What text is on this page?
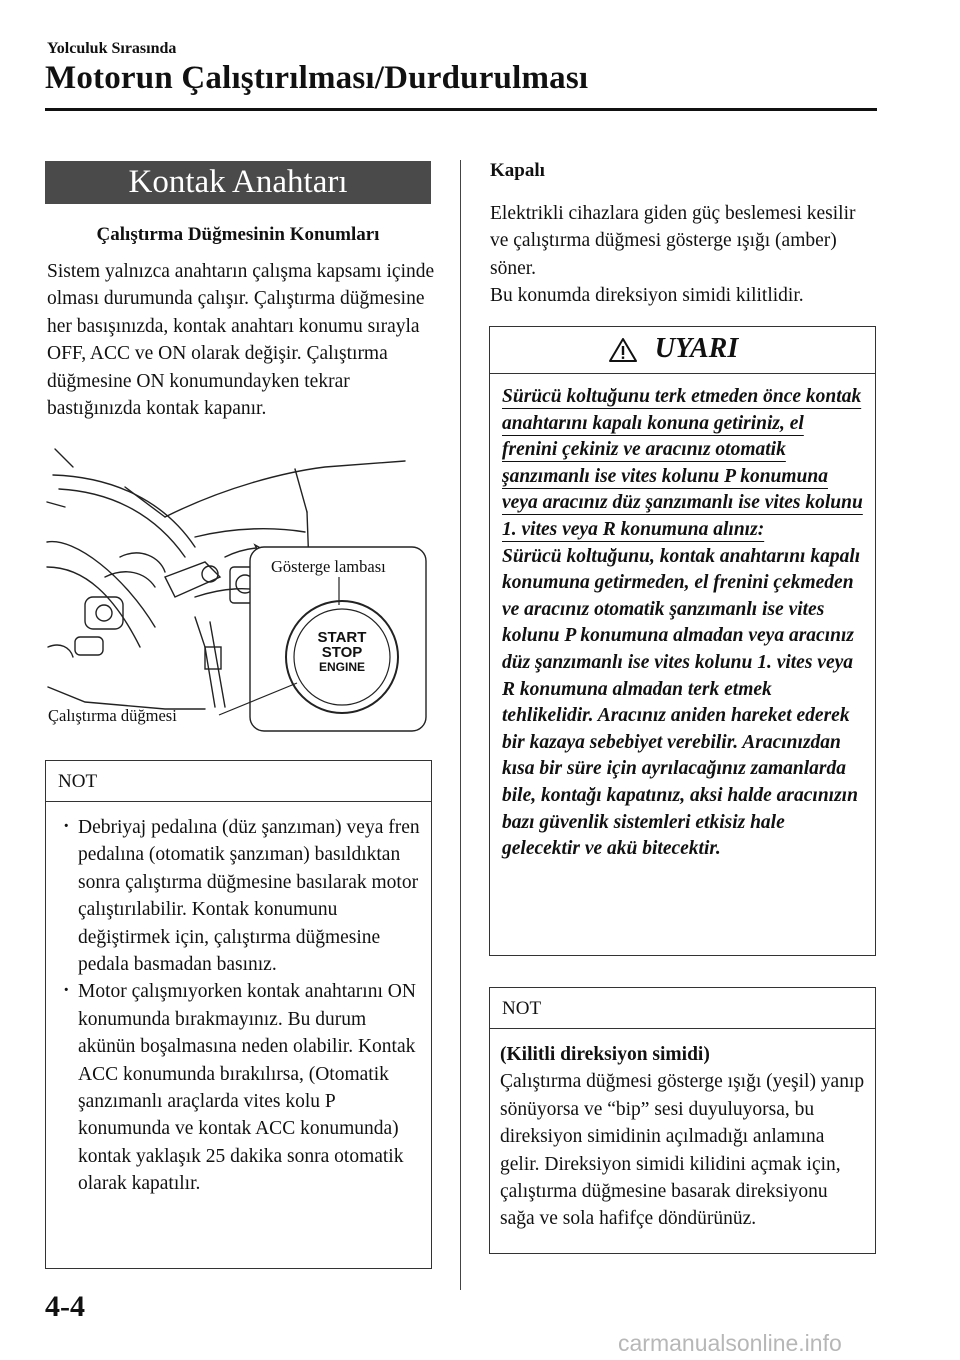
Yolculuk Sırasında
Motorun Çalıştırılması/Durdurulması
Kontak Anahtarı
Çalıştırma Düğmesinin Konumları
Sistem yalnızca anahtarın çalışma kapsamı içinde olması durumunda çalışır. Çalıştırma düğmesine her basışınızda, kontak anahtarı konumu sırayla OFF, ACC ve ON olarak değişir. Çalıştırma düğmesine ON konumundayken tekrar bastığınızda kontak kapanır.
Gösterge lambası
Çalıştırma düğmesi
START
STOP
ENGINE
NOT
· Debriyaj pedalına (düz şanzıman) veya fren pedalına (otomatik şanzıman) basıldıktan sonra çalıştırma düğmesine basılarak motor çalıştırılabilir. Kontak konumunu değiştirmek için, çalıştırma düğmesine pedala basmadan basınız.
· Motor çalışmıyorken kontak anahtarını ON konumunda bırakmayınız. Bu durum akünün boşalmasına neden olabilir. Kontak ACC konumunda bırakılırsa, (Otomatik şanzımanlı araçlarda vites kolu P konumunda ve kontak ACC konumunda) kontak yaklaşık 25 dakika sonra otomatik olarak kapatılır.
Kapalı
Elektrikli cihazlara giden güç beslemesi kesilir ve çalıştırma düğmesi gösterge ışığı (amber) söner.
Bu konumda direksiyon simidi kilitlidir.
UYARI
Sürücü koltuğunu terk etmeden önce kontak anahtarını kapalı konuna getiriniz, el frenini çekiniz ve aracınız otomatik şanzımanlı ise vites kolunu P konumuna veya aracınız düz şanzımanlı ise vites kolunu 1. vites veya R konumuna alınız:
Sürücü koltuğunu, kontak anahtarını kapalı konumuna getirmeden, el frenini çekmeden ve aracınız otomatik şanzımanlı ise vites kolunu P konumuna almadan veya aracınız düz şanzımanlı ise vites kolunu 1. vites veya R konumuna almadan terk etmek tehlikelidir. Aracınız aniden hareket ederek bir kazaya sebebiyet verebilir. Aracınızdan kısa bir süre için ayrılacağınız zamanlarda bile, kontağı kapatınız, aksi halde aracınızın bazı güvenlik sistemleri etkisiz hale gelecektir ve akü bitecektir.
NOT
(Kilitli direksiyon simidi)
Çalıştırma düğmesi gösterge ışığı (yeşil) yanıp sönüyorsa ve “bip” sesi duyuluyorsa, bu direksiyon simidinin açılmadığı anlamına gelir. Direksiyon simidi kilidini açmak için, çalıştırma düğmesine basarak direksiyonu sağa ve sola hafifçe döndürünüz.
4-4
carmanualsonline.info
